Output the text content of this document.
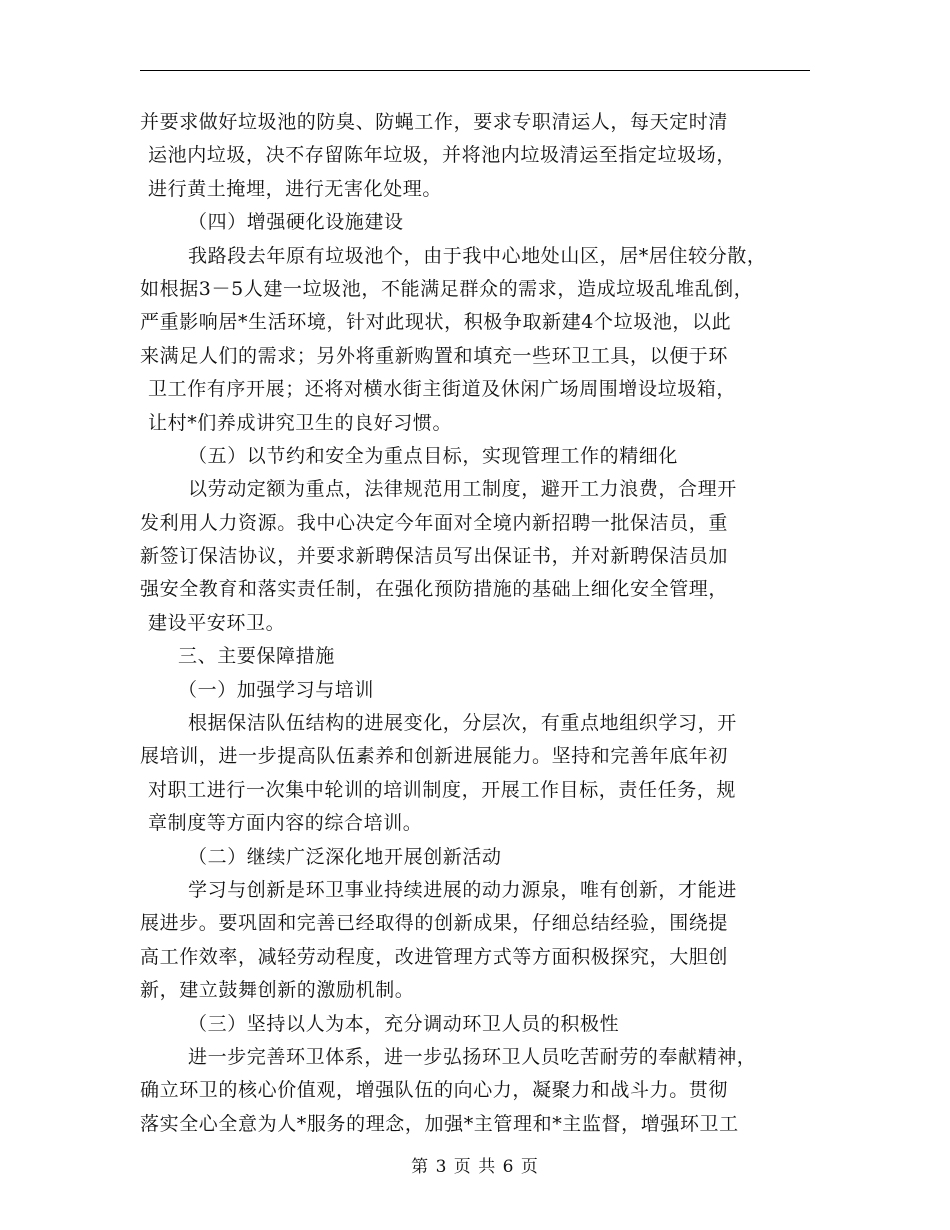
并要求做好垃圾池的防臭、防蝇工作，要求专职清运人，每天定时清
运池内垃圾，决不存留陈年垃圾，并将池内垃圾清运至指定垃圾场，
进行黄土掩埋，进行无害化处理。
（四）增强硬化设施建设
我路段去年原有垃圾池个，由于我中心地处山区，居*居住较分散，
如根据3－5人建一垃圾池，不能满足群众的需求，造成垃圾乱堆乱倒，
严重影响居*生活环境，针对此现状，积极争取新建4个垃圾池，以此
来满足人们的需求；另外将重新购置和填充一些环卫工具，以便于环
卫工作有序开展；还将对横水街主街道及休闲广场周围增设垃圾箱，
让村*们养成讲究卫生的良好习惯。
（五）以节约和安全为重点目标，实现管理工作的精细化
以劳动定额为重点，法律规范用工制度，避开工力浪费，合理开
发利用人力资源。我中心决定今年面对全境内新招聘一批保洁员，重
新签订保洁协议，并要求新聘保洁员写出保证书，并对新聘保洁员加
强安全教育和落实责任制，在强化预防措施的基础上细化安全管理，
建设平安环卫。
三、主要保障措施
（一）加强学习与培训
根据保洁队伍结构的进展变化，分层次，有重点地组织学习，开
展培训，进一步提高队伍素养和创新进展能力。坚持和完善年底年初
对职工进行一次集中轮训的培训制度，开展工作目标，责任任务，规
章制度等方面内容的综合培训。
（二）继续广泛深化地开展创新活动
学习与创新是环卫事业持续进展的动力源泉，唯有创新，才能进
展进步。要巩固和完善已经取得的创新成果，仔细总结经验，围绕提
高工作效率，减轻劳动程度，改进管理方式等方面积极探究，大胆创
新，建立鼓舞创新的激励机制。
（三）坚持以人为本，充分调动环卫人员的积极性
进一步完善环卫体系，进一步弘扬环卫人员吃苦耐劳的奉献精神，
确立环卫的核心价值观，增强队伍的向心力，凝聚力和战斗力。贯彻
落实全心全意为人*服务的理念，加强*主管理和*主监督，增强环卫工
第 3 页 共 6 页
